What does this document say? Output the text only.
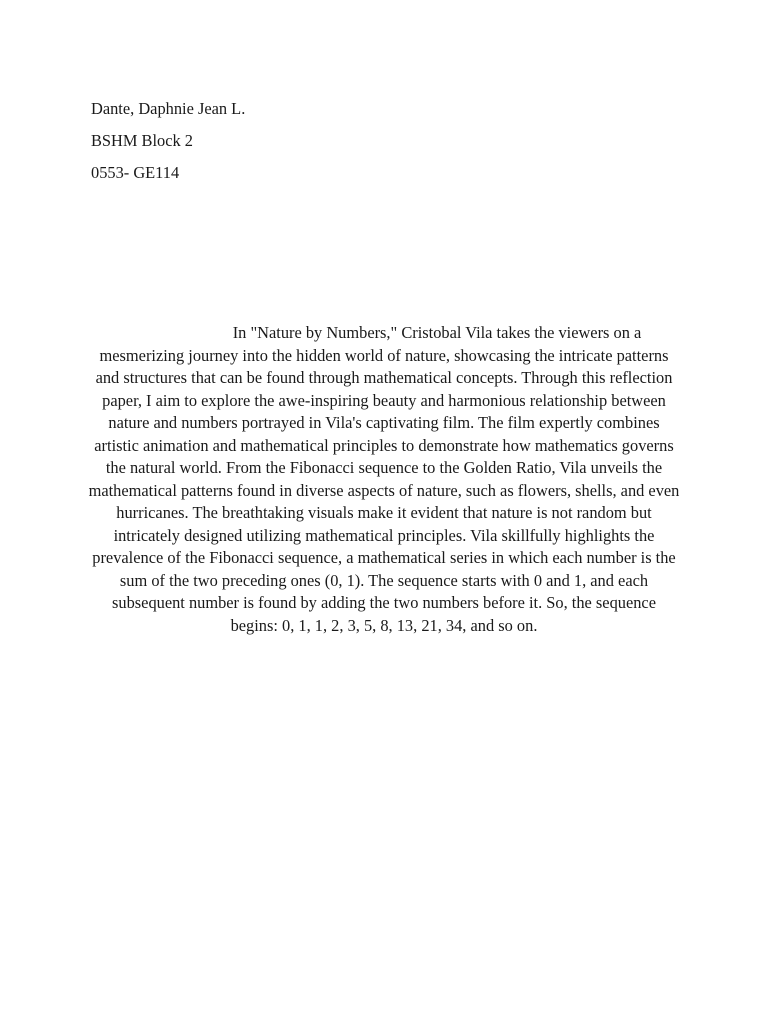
Dante, Daphnie Jean L.
BSHM Block 2
0553- GE114
In "Nature by Numbers," Cristobal Vila takes the viewers on a mesmerizing journey into the hidden world of nature, showcasing the intricate patterns and structures that can be found through mathematical concepts. Through this reflection paper, I aim to explore the awe-inspiring beauty and harmonious relationship between nature and numbers portrayed in Vila's captivating film. The film expertly combines artistic animation and mathematical principles to demonstrate how mathematics governs the natural world. From the Fibonacci sequence to the Golden Ratio, Vila unveils the mathematical patterns found in diverse aspects of nature, such as flowers, shells, and even hurricanes. The breathtaking visuals make it evident that nature is not random but intricately designed utilizing mathematical principles. Vila skillfully highlights the prevalence of the Fibonacci sequence, a mathematical series in which each number is the sum of the two preceding ones (0, 1). The sequence starts with 0 and 1, and each subsequent number is found by adding the two numbers before it. So, the sequence begins: 0, 1, 1, 2, 3, 5, 8, 13, 21, 34, and so on.
